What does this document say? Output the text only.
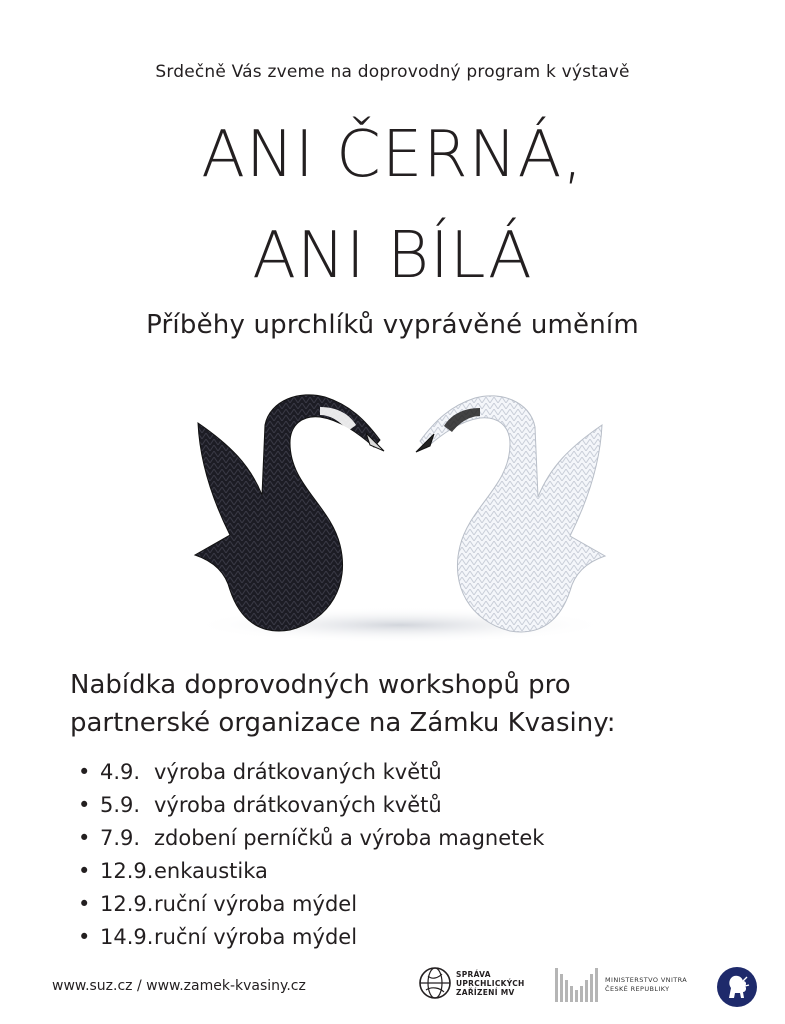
Srdečně Vás zveme na doprovodný program k výstavě
ANI ČERNÁ,
ANI BÍLÁ
Příběhy uprchlíků vyprávěné uměním
Nabídka doprovodných workshopů pro
partnerské organizace na Zámku Kvasiny:
• 4.9. výroba drátkovaných květů
• 5.9. výroba drátkovaných květů
• 7.9. zdobení perníčků a výroba magnetek
• 12.9.enkaustika
• 12.9.ruční výroba mýdel
• 14.9.ruční výroba mýdel
www.suz.cz / www.zamek-kvasiny.cz
SPRÁVA
UPRCHLICKÝCH
ZAŘÍZENÍ MV
MINISTERSTVO VNITRA
ČESKÉ REPUBLIKY
